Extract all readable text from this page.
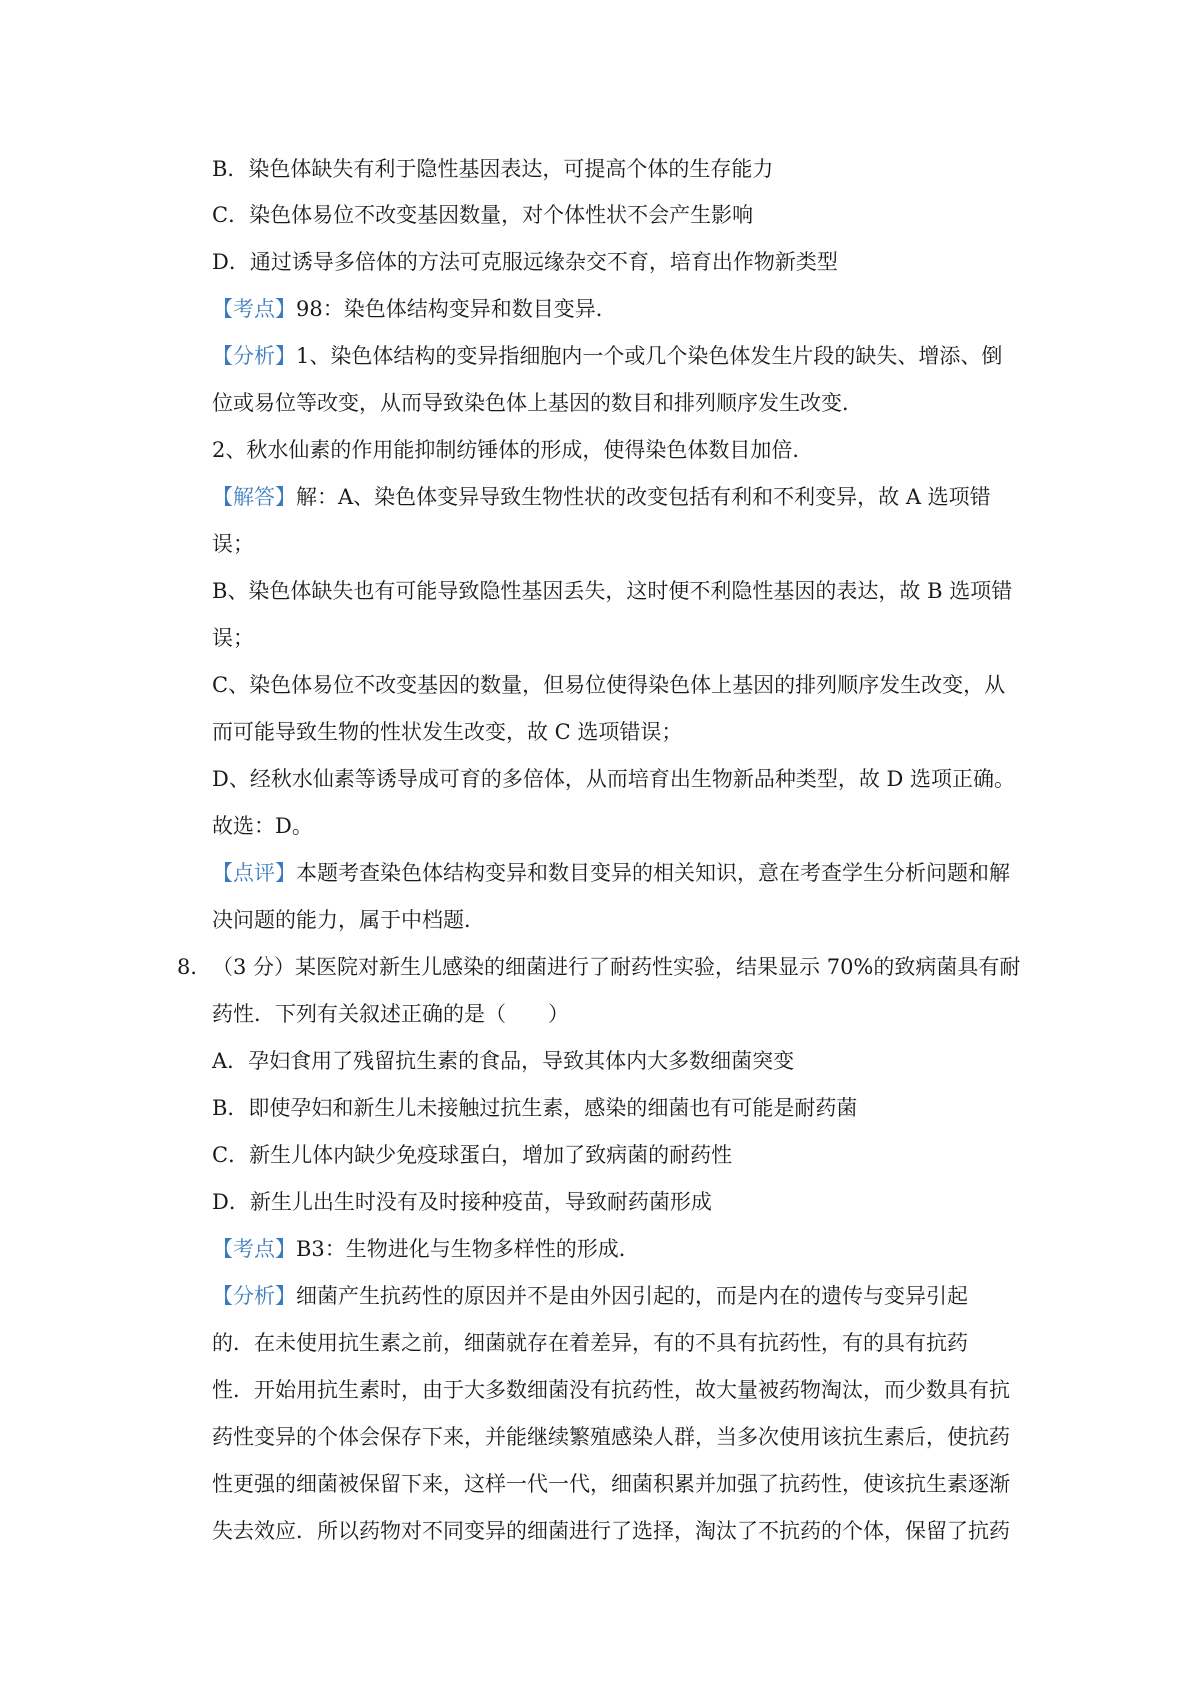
B．染色体缺失有利于隐性基因表达，可提高个体的生存能力
C．染色体易位不改变基因数量，对个体性状不会产生影响
D．通过诱导多倍体的方法可克服远缘杂交不育，培育出作物新类型
【考点】98：染色体结构变异和数目变异．
【分析】1、染色体结构的变异指细胞内一个或几个染色体发生片段的缺失、增添、倒
位或易位等改变，从而导致染色体上基因的数目和排列顺序发生改变．
2、秋水仙素的作用能抑制纺锤体的形成，使得染色体数目加倍．
【解答】解：A、染色体变异导致生物性状的改变包括有利和不利变异，故 A 选项错
误；
B、染色体缺失也有可能导致隐性基因丢失，这时便不利隐性基因的表达，故 B 选项错
误；
C、染色体易位不改变基因的数量，但易位使得染色体上基因的排列顺序发生改变，从
而可能导致生物的性状发生改变，故 C 选项错误；
D、经秋水仙素等诱导成可育的多倍体，从而培育出生物新品种类型，故 D 选项正确。
故选：D。
【点评】本题考查染色体结构变异和数目变异的相关知识，意在考查学生分析问题和解
决问题的能力，属于中档题．
8． （3 分）某医院对新生儿感染的细菌进行了耐药性实验，结果显示 70%的致病菌具有耐
药性．下列有关叙述正确的是（　　）
A．孕妇食用了残留抗生素的食品，导致其体内大多数细菌突变
B．即使孕妇和新生儿未接触过抗生素，感染的细菌也有可能是耐药菌
C．新生儿体内缺少免疫球蛋白，增加了致病菌的耐药性
D．新生儿出生时没有及时接种疫苗，导致耐药菌形成
【考点】B3：生物进化与生物多样性的形成．
【分析】细菌产生抗药性的原因并不是由外因引起的，而是内在的遗传与变异引起
的．在未使用抗生素之前，细菌就存在着差异，有的不具有抗药性，有的具有抗药
性．开始用抗生素时，由于大多数细菌没有抗药性，故大量被药物淘汰，而少数具有抗
药性变异的个体会保存下来，并能继续繁殖感染人群，当多次使用该抗生素后，使抗药
性更强的细菌被保留下来，这样一代一代，细菌积累并加强了抗药性，使该抗生素逐渐
失去效应．所以药物对不同变异的细菌进行了选择，淘汰了不抗药的个体，保留了抗药
